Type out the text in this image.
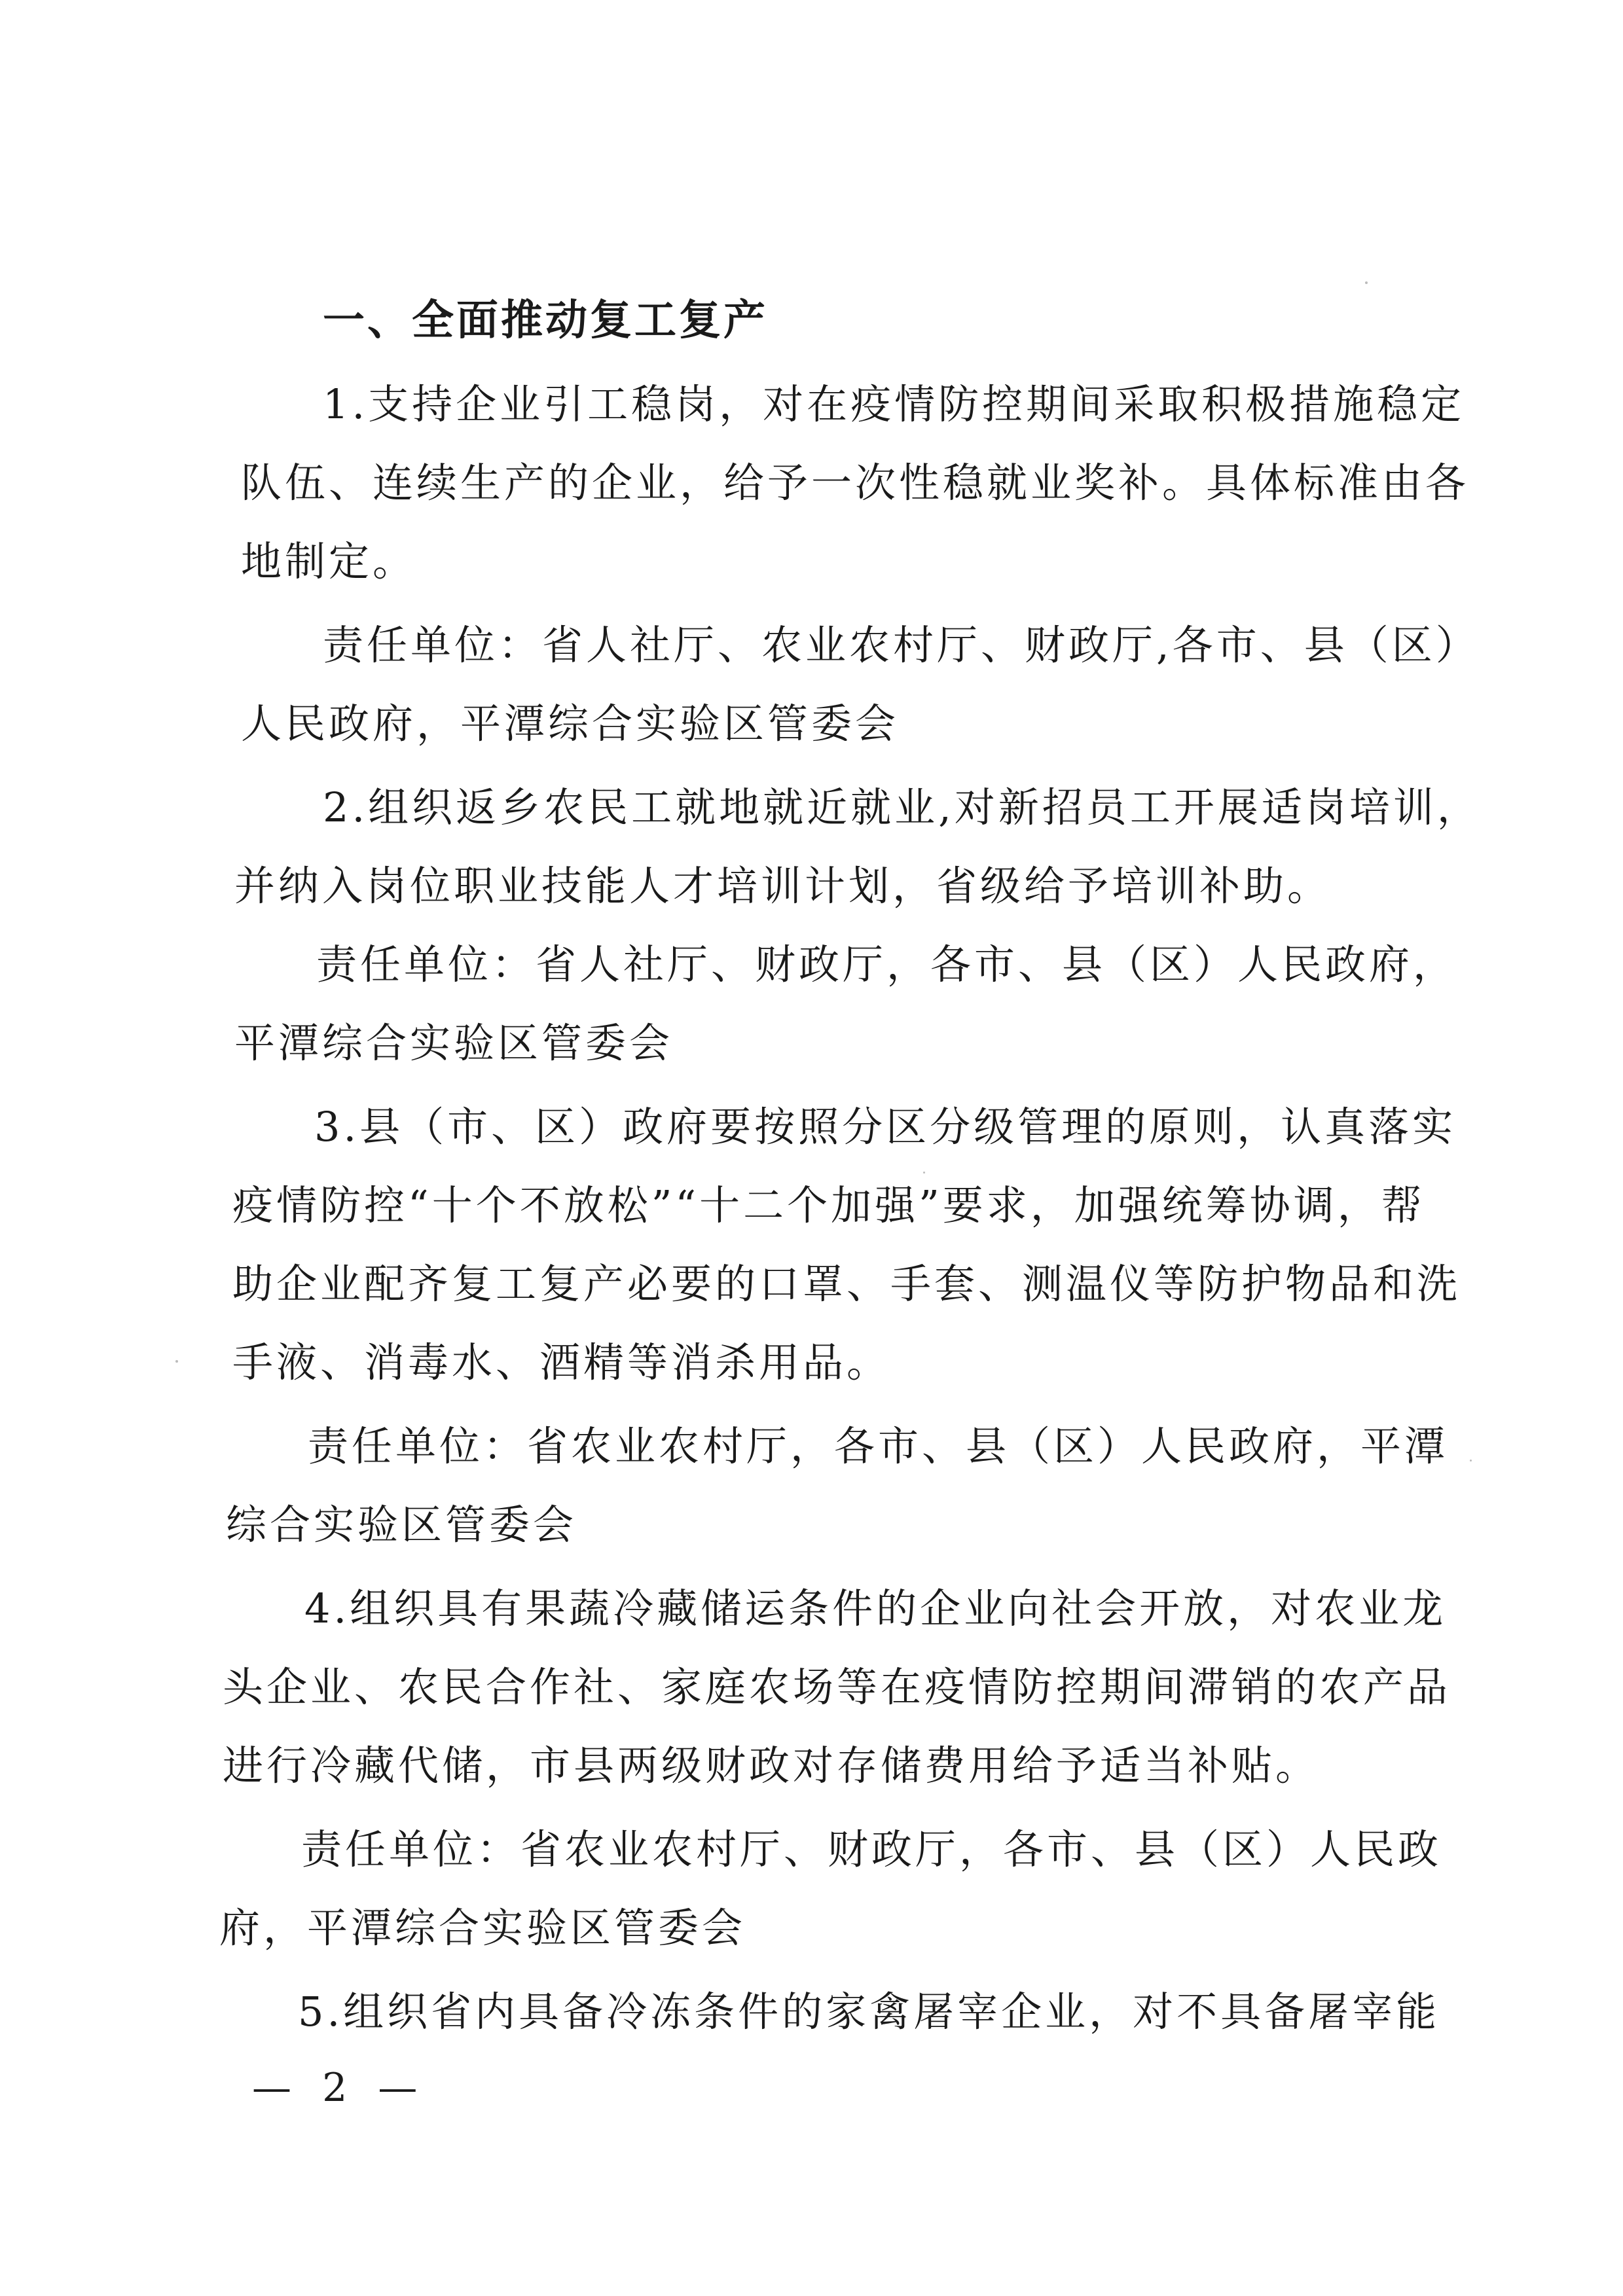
一、全面推动复工复产
1.支持企业引工稳岗，对在疫情防控期间采取积极措施稳定
队伍、连续生产的企业，给予一次性稳就业奖补。具体标准由各
地制定。
责任单位：省人社厅、农业农村厅、财政厅,各市、县（区）
人民政府，平潭综合实验区管委会
2.组织返乡农民工就地就近就业,对新招员工开展适岗培训，
并纳入岗位职业技能人才培训计划，省级给予培训补助。
责任单位：省人社厅、财政厅，各市、县（区）人民政府，
平潭综合实验区管委会
3.县（市、区）政府要按照分区分级管理的原则，认真落实
疫情防控“十个不放松”“十二个加强”要求，加强统筹协调，帮
助企业配齐复工复产必要的口罩、手套、测温仪等防护物品和洗
手液、消毒水、酒精等消杀用品。
责任单位：省农业农村厅，各市、县（区）人民政府，平潭
综合实验区管委会
4.组织具有果蔬冷藏储运条件的企业向社会开放，对农业龙
头企业、农民合作社、家庭农场等在疫情防控期间滞销的农产品
进行冷藏代储，市县两级财政对存储费用给予适当补贴。
责任单位：省农业农村厅、财政厅，各市、县（区）人民政
府，平潭综合实验区管委会
5.组织省内具备冷冻条件的家禽屠宰企业，对不具备屠宰能
— 2 —
